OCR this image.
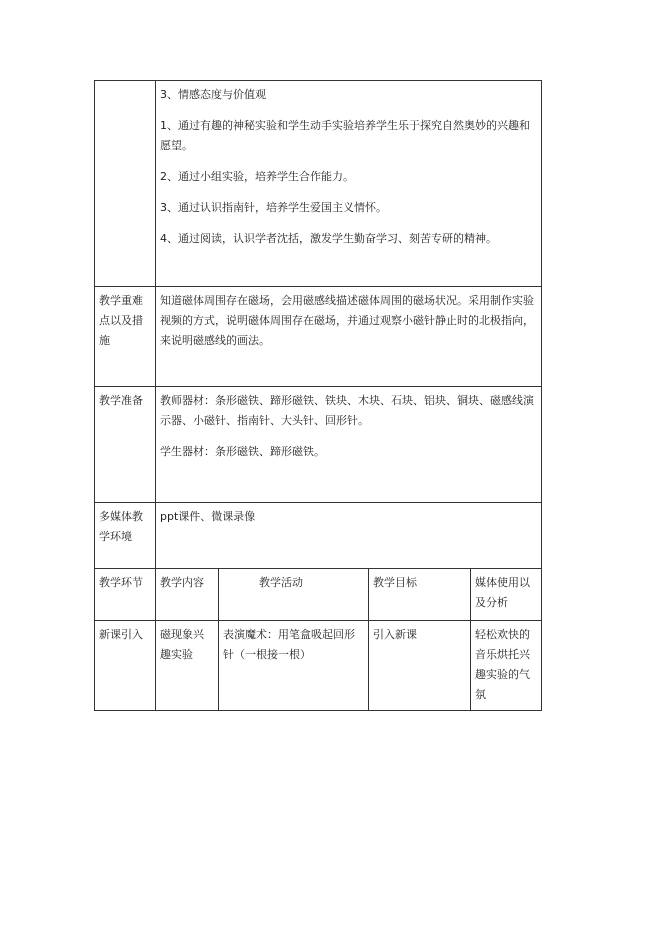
	3、情感态度与价值观
1、通过有趣的神秘实验和学生动手实验培养学生乐于探究自然奥妙的兴趣和愿望。
2、通过小组实验，培养学生合作能力。
3、通过认识指南针，培养学生爱国主义情怀。
4、通过阅读，认识学者沈括，激发学生勤奋学习、刻苦专研的精神。			

教学重难点以及措施	知道磁体周围存在磁场，会用磁感线描述磁体周围的磁场状况。采用制作实验视频的方式，说明磁体周围存在磁场，并通过观察小磁针静止时的北极指向，来说明磁感线的画法。			
教学准备	教师器材：条形磁铁、蹄形磁铁、铁块、木块、石块、铝块、铜块、磁感线演示器、小磁针、指南针、大头针、回形针。
学生器材：条形磁铁、蹄形磁铁。			

多媒体教学环境	ppt课件、微课录像			
教学环节	教学内容	教学活动	教学目标	媒体使用以及分析
新课引入	磁现象兴趣实验	表演魔术：用笔盒吸起回形针（一根接一根）	引入新课	轻松欢快的音乐烘托兴趣实验的气氛
